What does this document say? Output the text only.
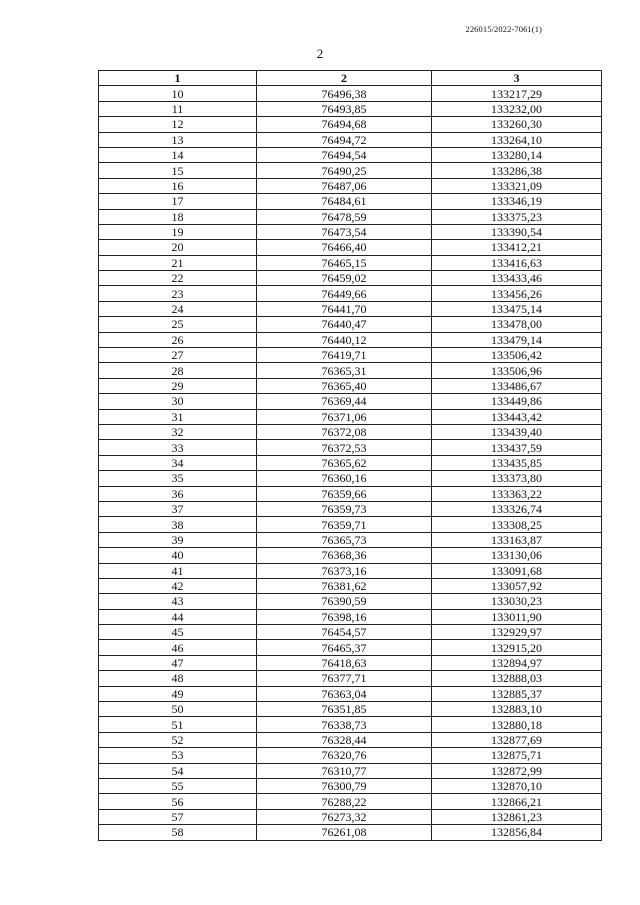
226015/2022-7061(1)
2
1	2	3
10	76496,38	133217,29
11	76493,85	133232,00
12	76494,68	133260,30
13	76494,72	133264,10
14	76494,54	133280,14
15	76490,25	133286,38
16	76487,06	133321,09
17	76484,61	133346,19
18	76478,59	133375,23
19	76473,54	133390,54
20	76466,40	133412,21
21	76465,15	133416,63
22	76459,02	133433,46
23	76449,66	133456,26
24	76441,70	133475,14
25	76440,47	133478,00
26	76440,12	133479,14
27	76419,71	133506,42
28	76365,31	133506,96
29	76365,40	133486,67
30	76369,44	133449,86
31	76371,06	133443,42
32	76372,08	133439,40
33	76372,53	133437,59
34	76365,62	133435,85
35	76360,16	133373,80
36	76359,66	133363,22
37	76359,73	133326,74
38	76359,71	133308,25
39	76365,73	133163,87
40	76368,36	133130,06
41	76373,16	133091,68
42	76381,62	133057,92
43	76390,59	133030,23
44	76398,16	133011,90
45	76454,57	132929,97
46	76465,37	132915,20
47	76418,63	132894,97
48	76377,71	132888,03
49	76363,04	132885,37
50	76351,85	132883,10
51	76338,73	132880,18
52	76328,44	132877,69
53	76320,76	132875,71
54	76310,77	132872,99
55	76300,79	132870,10
56	76288,22	132866,21
57	76273,32	132861,23
58	76261,08	132856,84
